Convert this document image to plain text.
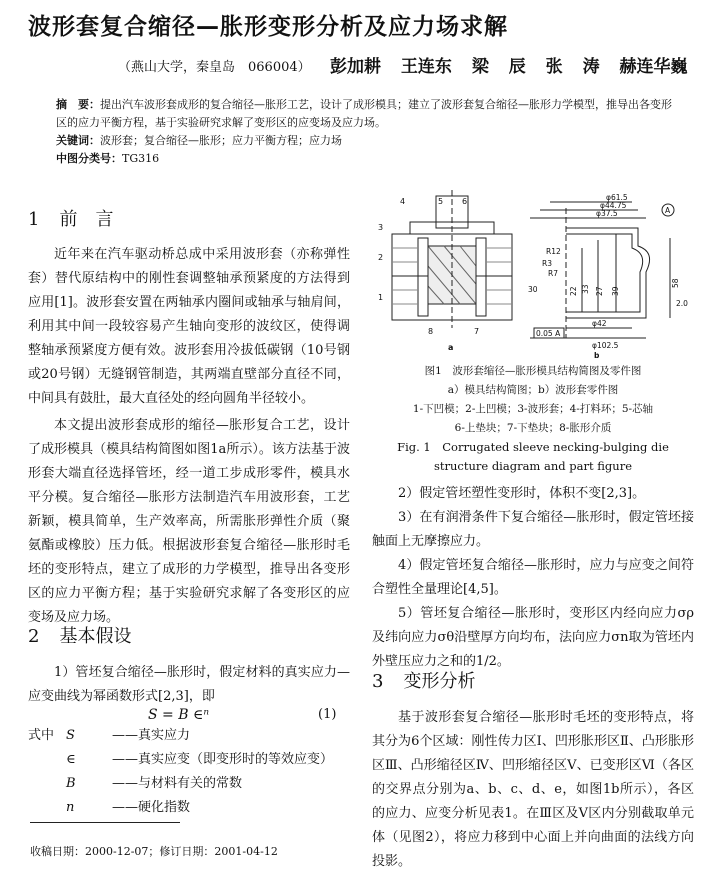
波形套复合缩径—胀形变形分析及应力场求解
（燕山大学，秦皇岛　066004） 彭加耕 王连东 梁 辰 张 涛 赫连华巍
摘　要：提出汽车波形套成形的复合缩径—胀形工艺，设计了成形模具；建立了波形套复合缩径—胀形力学模型，推导出各变形区的应力平衡方程，基于实验研究求解了变形区的应变场及应力场。
关键词：波形套；复合缩径—胀形；应力平衡方程；应力场
中图分类号：TG316
1 前　言
近年来在汽车驱动桥总成中采用波形套（亦称弹性套）替代原结构中的刚性套调整轴承预紧度的方法得到应用[1]。波形套安置在两轴承内圈间或轴承与轴肩间，利用其中间一段较容易产生轴向变形的波纹区，使得调整轴承预紧度方便有效。波形套用冷拔低碳钢（10号钢或20号钢）无缝钢管制造，其两端直壁部分直径不同，中间具有鼓肚，最大直径处的经向圆角半径较小。
本文提出波形套成形的缩径—胀形复合工艺，设计了成形模具（模具结构简图如图1a所示）。该方法基于波形套大端直径选择管坯，经一道工步成形零件，模具水平分模。复合缩径—胀形方法制造汽车用波形套，工艺新颖，模具简单，生产效率高，所需胀形弹性介质（聚氨酯或橡胶）压力低。根据波形套复合缩径—胀形时毛坯的变形特点，建立了成形的力学模型，推导出各变形区的应力平衡方程；基于实验研究求解了各变形区的应变场及应力场。
2 基本假设
1）管坯复合缩径—胀形时，假定材料的真实应力—应变曲线为幂函数形式[2,3]，即
S = B ∈ⁿ	(1)
式中 S	——真实应力
∈	——真实应变（即变形时的等效应变）
B	——与材料有关的常数
n	——硬化指数
收稿日期：2000-12-07；修订日期：2001-04-12
4	5 6
3
2
1
8	7
a
φ61.5
φ44.75
φ37.5
R12
R3
R7
30	22 33 27 39
0.05 A
φ42
φ102.5
58
2.0
A
b
图1　波形套缩径—胀形模具结构简图及零件图
a）模具结构简图；b）波形套零件图
1-下凹模；2-上凹模；3-波形套；4-打料环；5-芯轴
6-上垫块；7-下垫块；8-胀形介质
Fig. 1　Corrugated sleeve necking-bulging die
structure diagram and part figure
2）假定管坯塑性变形时，体积不变[2,3]。
3）在有润滑条件下复合缩径—胀形时，假定管坯接触面上无摩擦应力。
4）假定管坯复合缩径—胀形时，应力与应变之间符合塑性全量理论[4,5]。
5）管坯复合缩径—胀形时，变形区内经向应力σρ及纬向应力σθ沿壁厚方向均布，法向应力σn取为管坯内外壁压应力之和的1/2。
3 变形分析
基于波形套复合缩径—胀形时毛坯的变形特点，将其分为6个区域：刚性传力区Ⅰ、凹形胀形区Ⅱ、凸形胀形区Ⅲ、凸形缩径区Ⅳ、凹形缩径区Ⅴ、已变形区Ⅵ（各区的交界点分别为a、b、c、d、e，如图1b所示），各区的应力、应变分析见表1。在Ⅲ区及Ⅴ区内分别截取单元体（见图2），将应力移到中心面上并向曲面的法线方向投影。
